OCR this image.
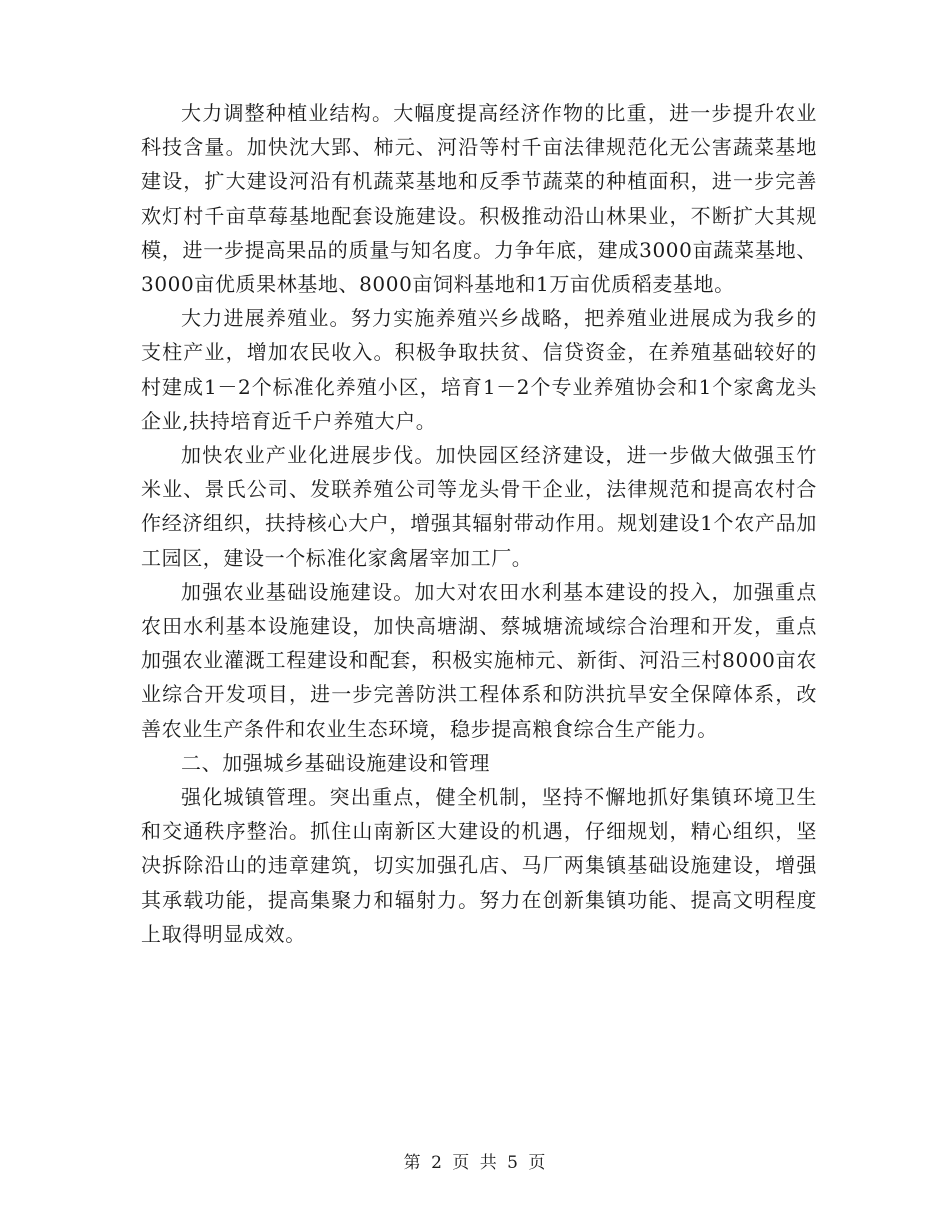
大力调整种植业结构。大幅度提高经济作物的比重，进一步提升农业科技含量。加快沈大郢、柿元、河沿等村千亩法律规范化无公害蔬菜基地建设，扩大建设河沿有机蔬菜基地和反季节蔬菜的种植面积，进一步完善欢灯村千亩草莓基地配套设施建设。积极推动沿山林果业，不断扩大其规模，进一步提高果品的质量与知名度。力争年底，建成3000亩蔬菜基地、3000亩优质果林基地、8000亩饲料基地和1万亩优质稻麦基地。

大力进展养殖业。努力实施养殖兴乡战略，把养殖业进展成为我乡的支柱产业，增加农民收入。积极争取扶贫、信贷资金，在养殖基础较好的村建成1－2个标准化养殖小区，培育1－2个专业养殖协会和1个家禽龙头企业,扶持培育近千户养殖大户。

加快农业产业化进展步伐。加快园区经济建设，进一步做大做强玉竹米业、景氏公司、发联养殖公司等龙头骨干企业，法律规范和提高农村合作经济组织，扶持核心大户，增强其辐射带动作用。规划建设1个农产品加工园区，建设一个标准化家禽屠宰加工厂。

加强农业基础设施建设。加大对农田水利基本建设的投入，加强重点农田水利基本设施建设，加快高塘湖、蔡城塘流域综合治理和开发，重点加强农业灌溉工程建设和配套，积极实施柿元、新街、河沿三村8000亩农业综合开发项目，进一步完善防洪工程体系和防洪抗旱安全保障体系，改善农业生产条件和农业生态环境，稳步提高粮食综合生产能力。

二、加强城乡基础设施建设和管理

强化城镇管理。突出重点，健全机制，坚持不懈地抓好集镇环境卫生和交通秩序整治。抓住山南新区大建设的机遇，仔细规划，精心组织，坚决拆除沿山的违章建筑，切实加强孔店、马厂两集镇基础设施建设，增强其承载功能，提高集聚力和辐射力。努力在创新集镇功能、提高文明程度上取得明显成效。

第 2 页 共 5 页
